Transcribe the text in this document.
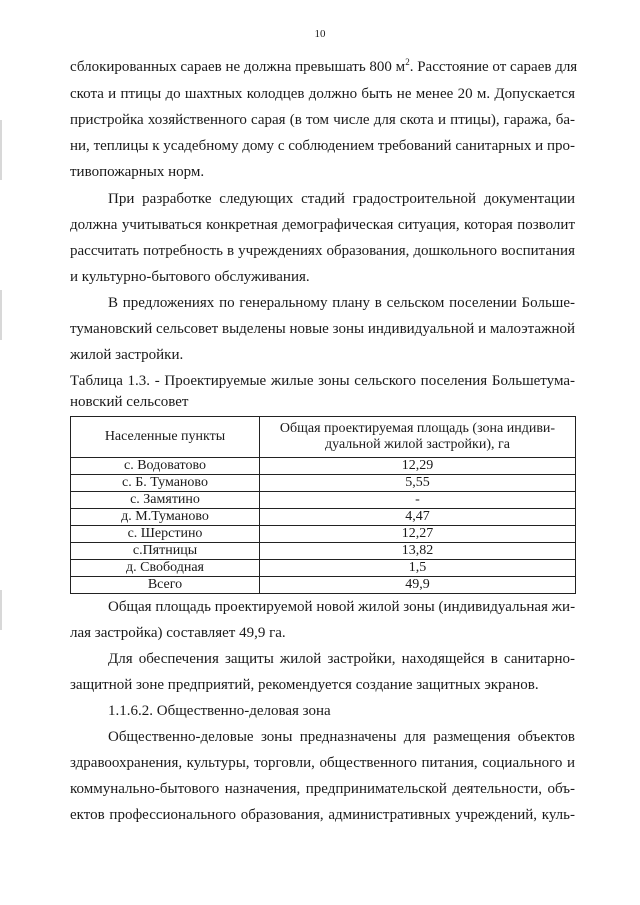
10
сблокированных сараев не должна превышать 800 $м^2$. Расстояние от сараев для
скота и птицы до шахтных колодцев должно быть не менее 20 м. Допускается
пристройка хозяйственного сарая (в том числе для скота и птицы), гаража, ба-
ни, теплицы к усадебному дому с соблюдением требований санитарных и про-
тивопожарных норм.
При разработке следующих стадий градостроительной документации
должна учитываться конкретная демографическая ситуация, которая позволит
рассчитать потребность в учреждениях образования, дошкольного воспитания
и культурно-бытового обслуживания.
В предложениях по генеральному плану в сельском поселении Больше-
тумановский сельсовет выделены новые зоны индивидуальной и малоэтажной
жилой застройки.
Таблица 1.3. - Проектируемые жилые зоны сельского поселения Большетума-
новский сельсовет
Населенные пункты	Общая проектируемая площадь (зона индиви-
дуальной жилой застройки), га
с. Водоватово	12,29
с. Б. Туманово	5,55
с. Замятино	-
д. М.Туманово	4,47
с. Шерстино	12,27
с.Пятницы	13,82
д. Свободная	1,5
Всего	49,9
Общая площадь проектируемой новой жилой зоны (индивидуальная жи-
лая застройка) составляет 49,9 га.
Для обеспечения защиты жилой застройки, находящейся в санитарно-
защитной зоне предприятий, рекомендуется создание защитных экранов.
1.1.6.2. Общественно-деловая зона
Общественно-деловые зоны предназначены для размещения объектов
здравоохранения, культуры, торговли, общественного питания, социального и
коммунально-бытового назначения, предпринимательской деятельности, объ-
ектов профессионального образования, административных учреждений, куль-
